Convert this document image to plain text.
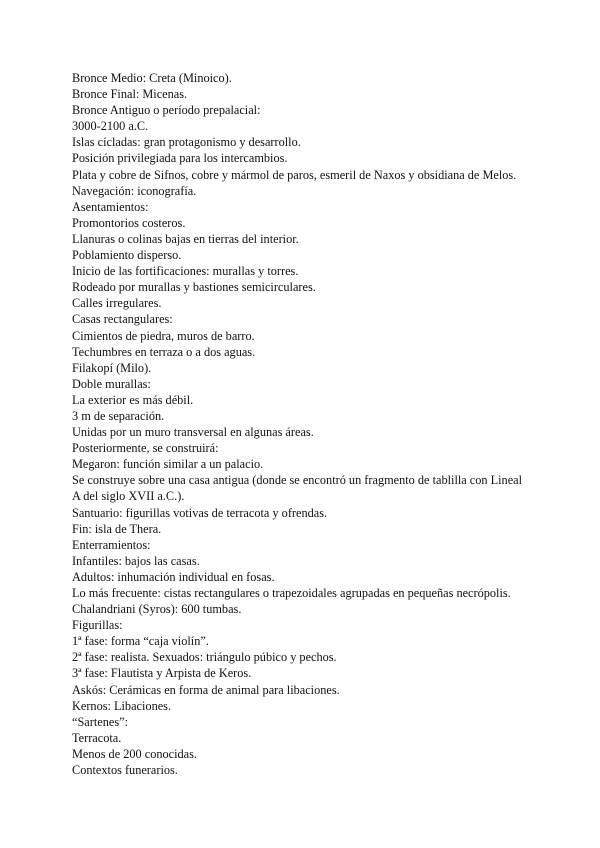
Bronce Medio: Creta (Minoico).

Bronce Final: Micenas.

Bronce Antiguo o período prepalacial:

3000-2100 a.C.

Islas cícladas: gran protagonismo y desarrollo.

Posición privilegiada para los intercambios.

Plata y cobre de Sifnos, cobre y mármol de paros, esmeril de Naxos y obsidiana de Melos.

Navegación: iconografía.

Asentamientos:

Promontorios costeros.

Llanuras o colinas bajas en tierras del interior.

Poblamiento disperso.

Inicio de las fortificaciones: murallas y torres.

Rodeado por murallas y bastiones semicirculares.

Calles irregulares.

Casas rectangulares:

Cimientos de piedra, muros de barro.

Techumbres en terraza o a dos aguas.

Filakopí (Milo).

Doble murallas:

La exterior es más débil.

3 m de separación.

Unidas por un muro transversal en algunas áreas.

Posteriormente, se construirá:

Megaron: función similar a un palacio.

Se construye sobre una casa antigua (donde se encontró un fragmento de tablilla con Lineal A del siglo XVII a.C.).

Santuario: figurillas votivas de terracota y ofrendas.

Fin: isla de Thera.

Enterramientos:

Infantiles: bajos las casas.

Adultos: inhumación individual en fosas.

Lo más frecuente: cistas rectangulares o trapezoidales agrupadas en pequeñas necrópolis.

Chalandriani (Syros): 600 tumbas.

Figurillas:

1ª fase: forma “caja violín”.

2ª fase: realista. Sexuados: triángulo púbico y pechos.

3ª fase: Flautista y Arpista de Keros.

Askós: Cerámicas en forma de animal para libaciones.

Kernos: Libaciones.

“Sartenes”:

Terracota.

Menos de 200 conocidas.

Contextos funerarios.
